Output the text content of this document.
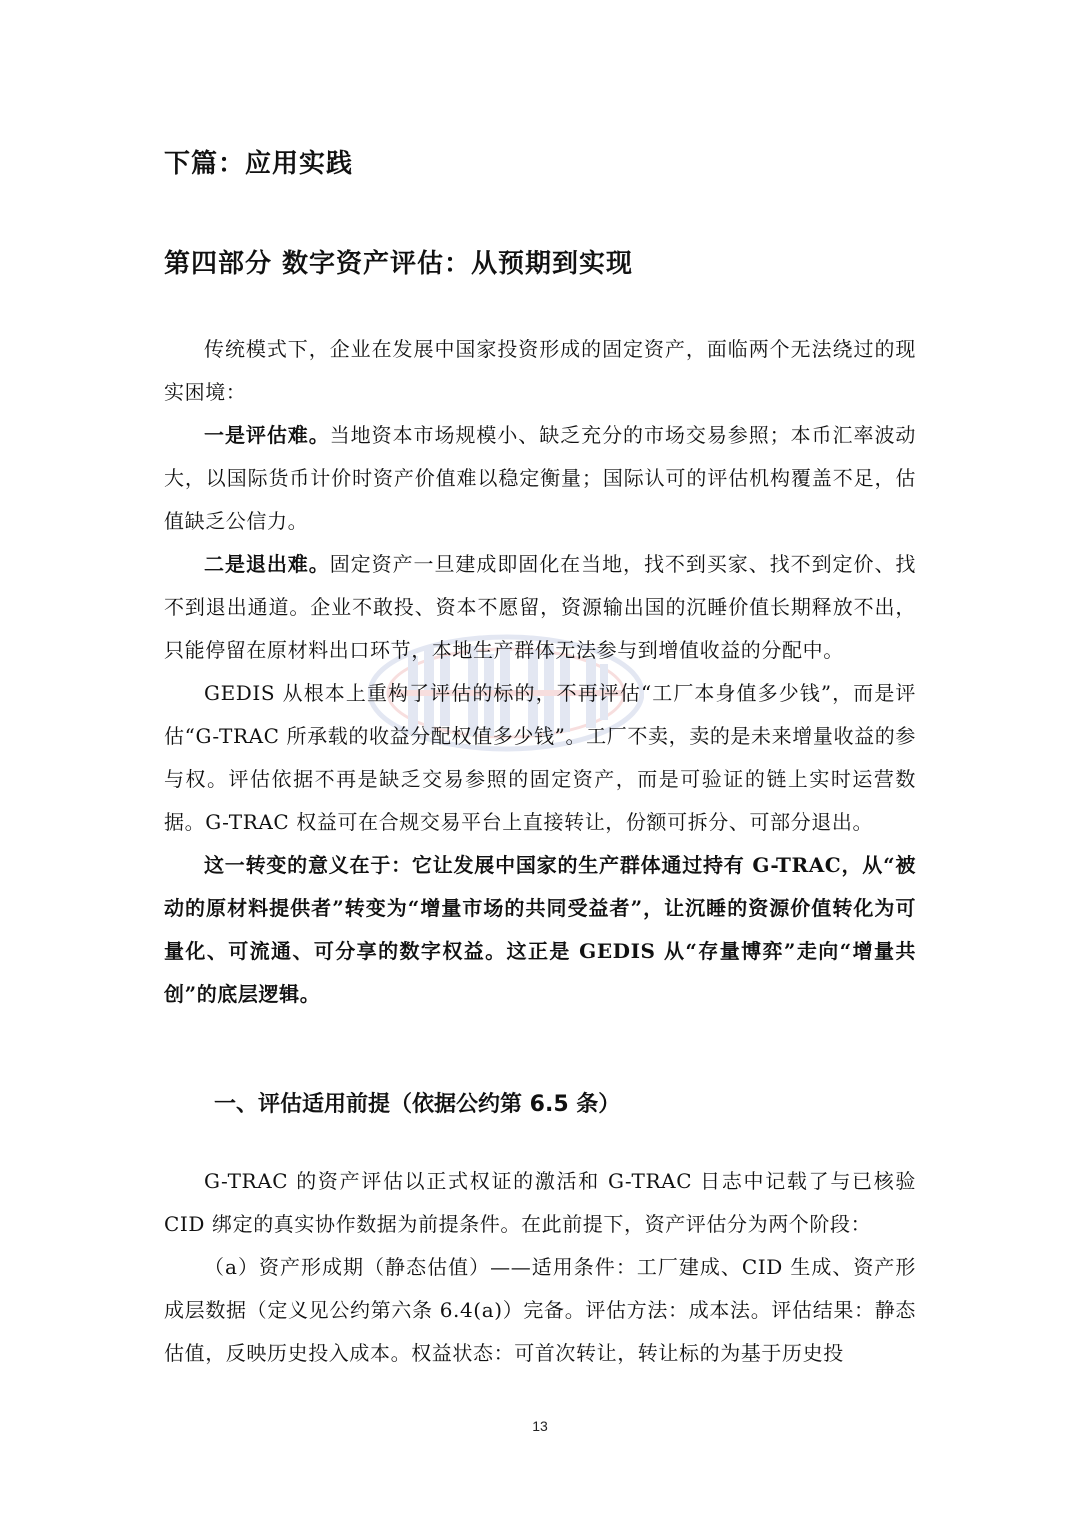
下篇：应用实践
第四部分 数字资产评估：从预期到实现

传统模式下，企业在发展中国家投资形成的固定资产，面临两个无法绕过的现实困境：

一是评估难。当地资本市场规模小、缺乏充分的市场交易参照；本币汇率波动大，以国际货币计价时资产价值难以稳定衡量；国际认可的评估机构覆盖不足，估值缺乏公信力。

二是退出难。固定资产一旦建成即固化在当地，找不到买家、找不到定价、找不到退出通道。企业不敢投、资本不愿留，资源输出国的沉睡价值长期释放不出，只能停留在原材料出口环节，本地生产群体无法参与到增值收益的分配中。

GEDIS 从根本上重构了评估的标的，不再评估“工厂本身值多少钱”，而是评估“G-TRAC 所承载的收益分配权值多少钱”。工厂不卖，卖的是未来增量收益的参与权。评估依据不再是缺乏交易参照的固定资产，而是可验证的链上实时运营数据。G-TRAC 权益可在合规交易平台上直接转让，份额可拆分、可部分退出。

这一转变的意义在于：它让发展中国家的生产群体通过持有 G-TRAC，从“被动的原材料提供者”转变为“增量市场的共同受益者”，让沉睡的资源价值转化为可量化、可流通、可分享的数字权益。这正是 GEDIS 从“存量博弈”走向“增量共创”的底层逻辑。

一、评估适用前提（依据公约第 6.5 条）

G-TRAC 的资产评估以正式权证的激活和 G-TRAC 日志中记载了与已核验 CID 绑定的真实协作数据为前提条件。在此前提下，资产评估分为两个阶段：

（a）资产形成期（静态估值）——适用条件：工厂建成、CID 生成、资产形成层数据（定义见公约第六条 6.4(a)）完备。评估方法：成本法。评估结果：静态估值，反映历史投入成本。权益状态：可首次转让，转让标的为基于历史投

13
